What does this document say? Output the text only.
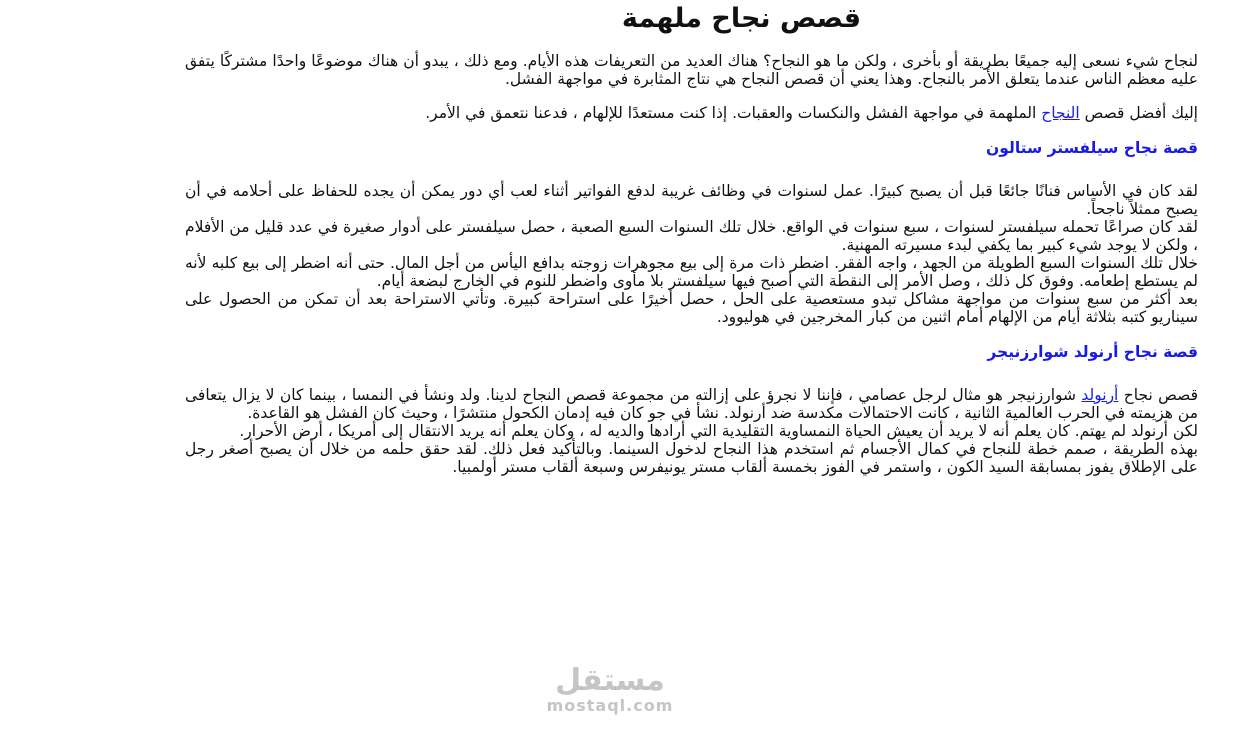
قصص نجاح ملهمة

لنجاح شيء نسعى إليه جميعًا بطريقة أو بأخرى ، ولكن ما هو النجاح؟ هناك العديد من التعريفات هذه الأيام. ومع ذلك ، يبدو أن هناك موضوعًا واحدًا مشتركًا يتفق عليه معظم الناس عندما يتعلق الأمر بالنجاح. وهذا يعني أن قصص النجاح هي نتاج المثابرة في مواجهة الفشل.

إليك أفضل قصص النجاح الملهمة في مواجهة الفشل والنكسات والعقبات. إذا كنت مستعدًا للإلهام ، فدعنا نتعمق في الأمر.

قصة نجاح سيلفستر ستالون

لقد كان في الأساس فنانًا جائعًا قبل أن يصبح كبيرًا. عمل لسنوات في وظائف غريبة لدفع الفواتير أثناء لعب أي دور يمكن أن يجده للحفاظ على أحلامه في أن يصبح ممثلاً ناجحاً.

لقد كان صراعًا تحمله سيلفستر لسنوات ، سبع سنوات في الواقع. خلال تلك السنوات السبع الصعبة ، حصل سيلفستر على أدوار صغيرة في عدد قليل من الأفلام ، ولكن لا يوجد شيء كبير بما يكفي لبدء مسيرته المهنية.

خلال تلك السنوات السبع الطويلة من الجهد ، واجه الفقر. اضطر ذات مرة إلى بيع مجوهرات زوجته بدافع اليأس من أجل المال. حتى أنه اضطر إلى بيع كلبه لأنه لم يستطع إطعامه. وفوق كل ذلك ، وصل الأمر إلى النقطة التي أصبح فيها سيلفستر بلا مأوى واضطر للنوم في الخارج لبضعة أيام.

بعد أكثر من سبع سنوات من مواجهة مشاكل تبدو مستعصية على الحل ، حصل أخيرًا على استراحة كبيرة. وتأتي الاستراحة بعد أن تمكن من الحصول على سيناريو كتبه بثلاثة أيام من الإلهام أمام اثنين من كبار المخرجين في هوليوود.

قصة نجاح أرنولد شوارزنيجر

قصص نجاح أرنولد شوارزنيجر هو مثال لرجل عصامي ، فإننا لا نجرؤ على إزالته من مجموعة قصص النجاح لدينا. ولد ونشأ في النمسا ، بينما كان لا يزال يتعافى من هزيمته في الحرب العالمية الثانية ، كانت الاحتمالات مكدسة ضد أرنولد. نشأ في جو كان فيه إدمان الكحول منتشرًا ، وحيث كان الفشل هو القاعدة.

لكن أرنولد لم يهتم. كان يعلم أنه لا يريد أن يعيش الحياة النمساوية التقليدية التي أرادها والديه له ، وكان يعلم أنه يريد الانتقال إلى أمريكا ، أرض الأحرار.

بهذه الطريقة ، صمم خطة للنجاح في كمال الأجسام ثم استخدم هذا النجاح لدخول السينما. وبالتأكيد فعل ذلك. لقد حقق حلمه من خلال أن يصبح أصغر رجل على الإطلاق يفوز بمسابقة السيد الكون ، واستمر في الفوز بخمسة ألقاب مستر يونيفرس وسبعة ألقاب مستر أولمبيا.

مستقل
mostaql.com
